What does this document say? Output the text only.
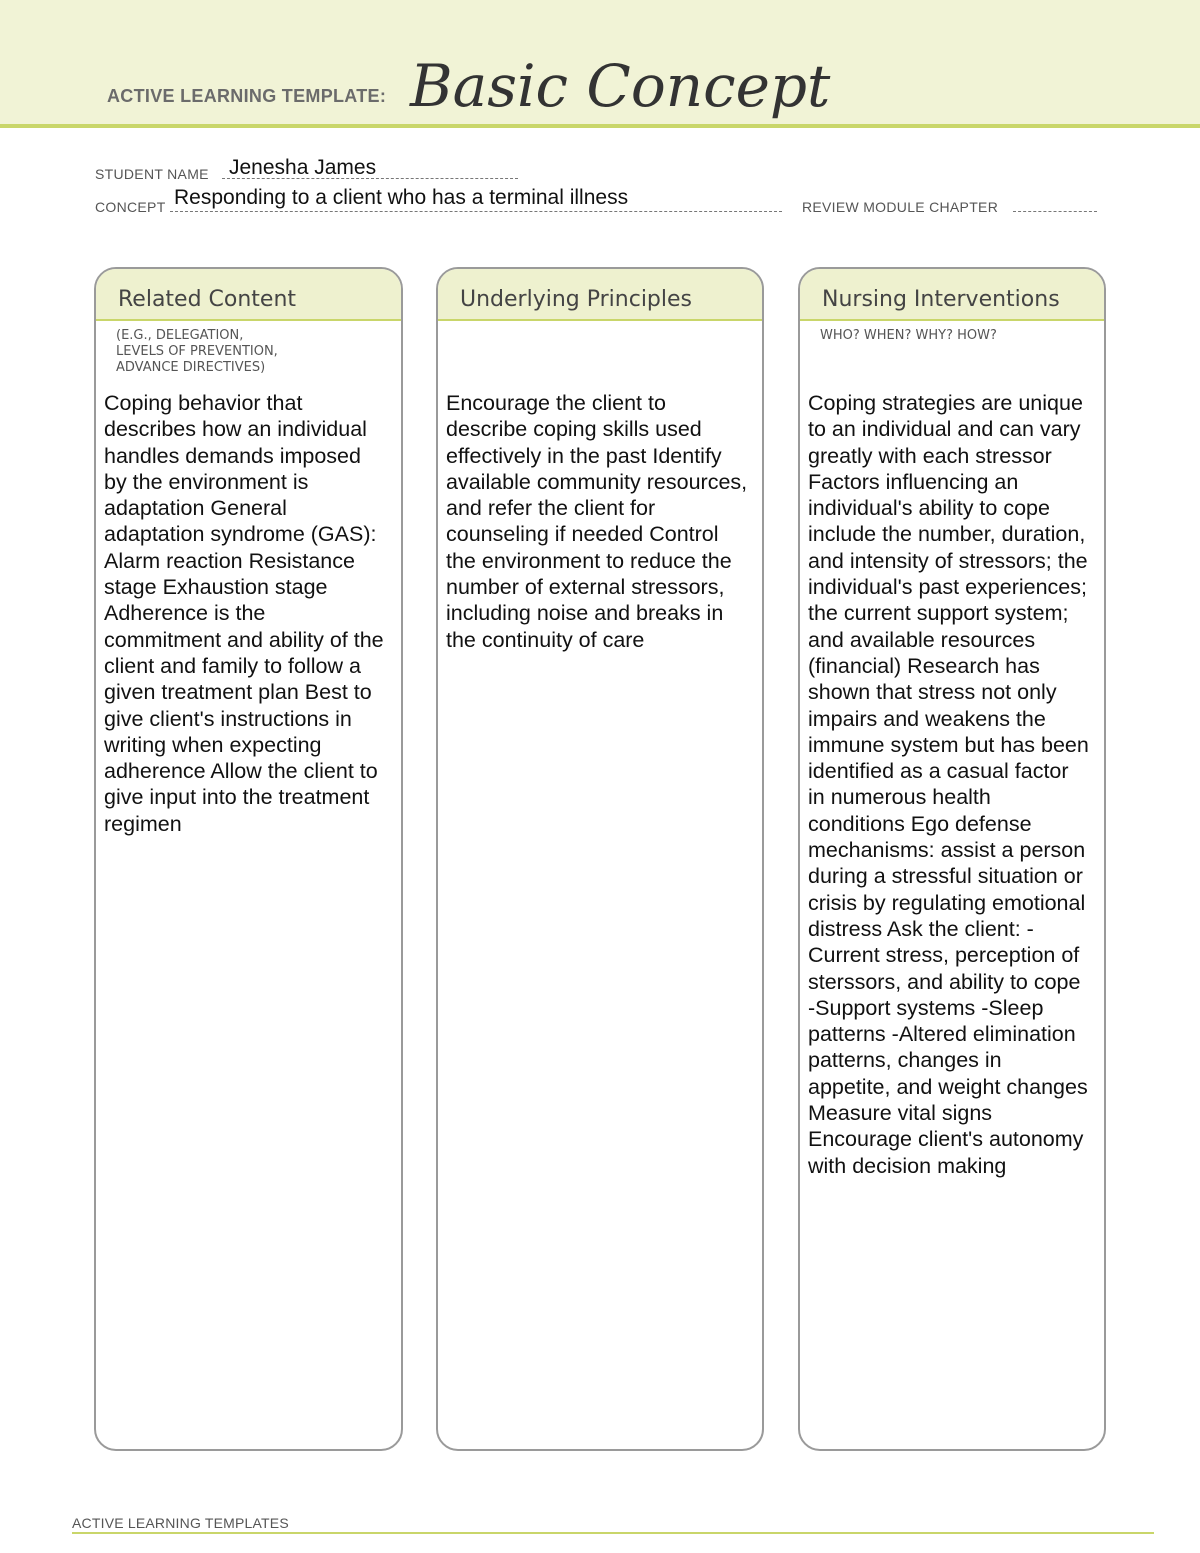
ACTIVE LEARNING TEMPLATE: Basic Concept
STUDENT NAME Jenesha James
CONCEPT Responding to a client who has a terminal illness	REVIEW MODULE CHAPTER
Related Content
(E.G., DELEGATION,
LEVELS OF PREVENTION,
ADVANCE DIRECTIVES)
Coping behavior that describes how an individual handles demands imposed by the environment is adaptation General adaptation syndrome (GAS): Alarm reaction Resistance stage Exhaustion stage Adherence is the commitment and ability of the client and family to follow a given treatment plan Best to give client's instructions in writing when expecting adherence Allow the client to give input into the treatment regimen
Underlying Principles
Encourage the client to describe coping skills used effectively in the past Identify available community resources, and refer the client for counseling if needed Control the environment to reduce the number of external stressors, including noise and breaks in the continuity of care
Nursing Interventions
WHO? WHEN? WHY? HOW?
Coping strategies are unique to an individual and can vary greatly with each stressor Factors influencing an individual's ability to cope include the number, duration, and intensity of stressors; the individual's past experiences; the current support system; and available resources (financial) Research has shown that stress not only impairs and weakens the immune system but has been identified as a casual factor in numerous health conditions Ego defense mechanisms: assist a person during a stressful situation or crisis by regulating emotional distress Ask the client: -Current stress, perception of sterssors, and ability to cope -Support systems -Sleep patterns -Altered elimination patterns, changes in appetite, and weight changes Measure vital signs Encourage client's autonomy with decision making
ACTIVE LEARNING TEMPLATES
